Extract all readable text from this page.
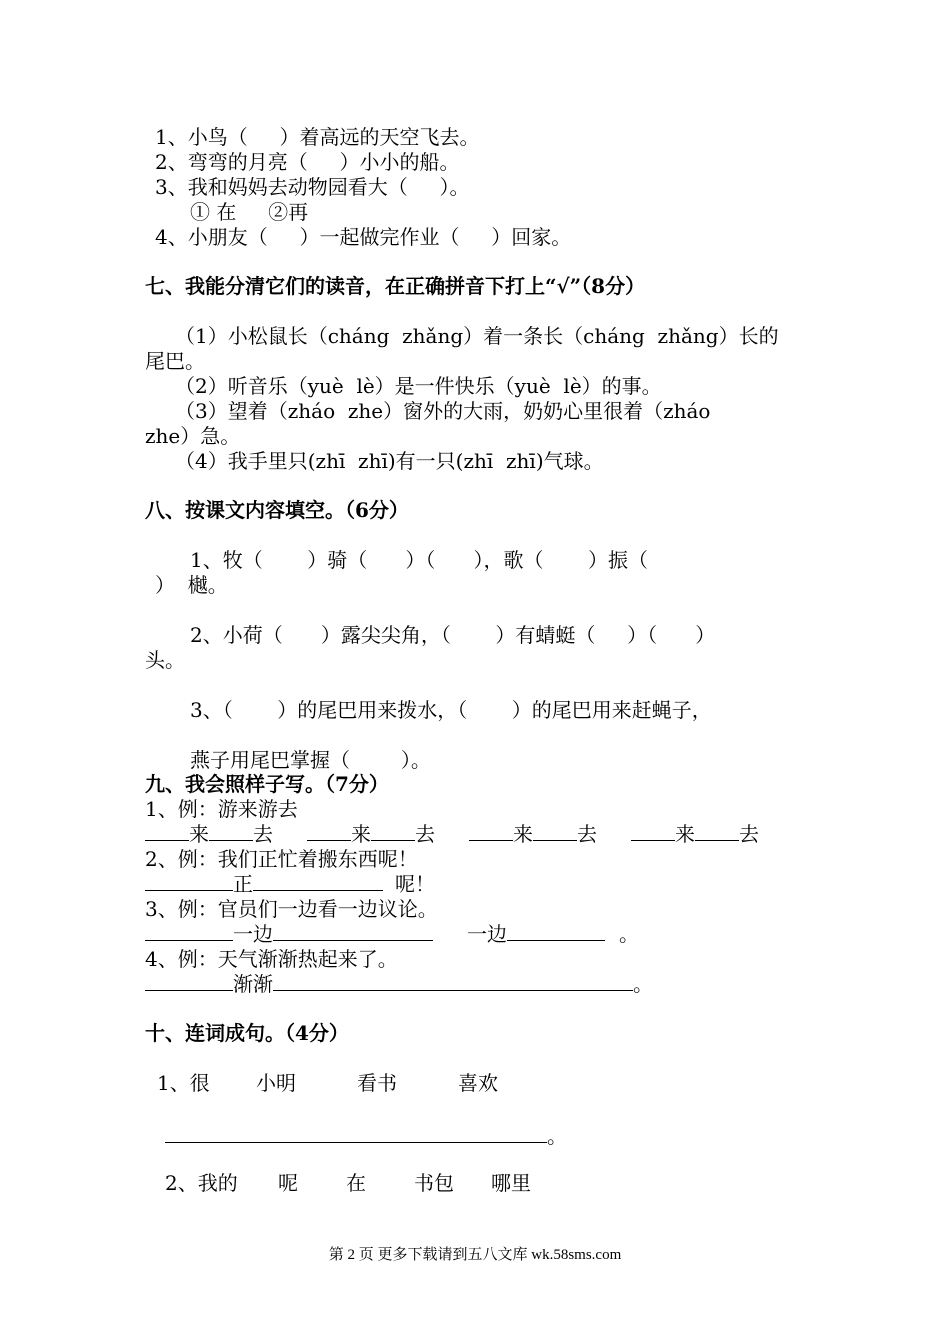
1、小鸟（     ）着高远的天空飞去。
2、弯弯的月亮（     ）小小的船。
3、我和妈妈去动物园看大（     ）。
① 在     ②再
4、小朋友（     ）一起做完作业（     ）回家。
七、我能分清它们的读音，在正确拼音下打上“√”（8分）
（1）小松鼠长（cháng  zhǎng）着一条长（cháng  zhǎng）长的
尾巴。
（2）听音乐（yuè  lè）是一件快乐（yuè  lè）的事。
（3）望着（zháo  zhe）窗外的大雨，奶奶心里很着（zháo
zhe）急。
（4）我手里只(zhī  zhī)有一只(zhī  zhī)气球。
八、按课文内容填空。（6分）
1、牧（       ）骑（      ）（      ），歌（       ）振（
）  樾。
2、小荷（      ）露尖尖角，（       ）有蜻蜓（     ）（      ）
头。
3、（       ）的尾巴用来拨水，（       ）的尾巴用来赶蝇子，
燕子用尾巴掌握（        ）。
九、我会照样子写。（7分）
1、例：游来游去
来 去	来 去	来 去	来 去
2、例：我们正忙着搬东西呢！
正	呢！
3、例：官员们一边看一边议论。
一边	一边	。
4、例：天气渐渐热起来了。
渐渐	。
十、连词成句。（4分）
1、很 小明	看书	喜欢
。
2、我的 呢 在 书包 哪里
第 2 页 更多下载请到五八文库 wk.58sms.com
